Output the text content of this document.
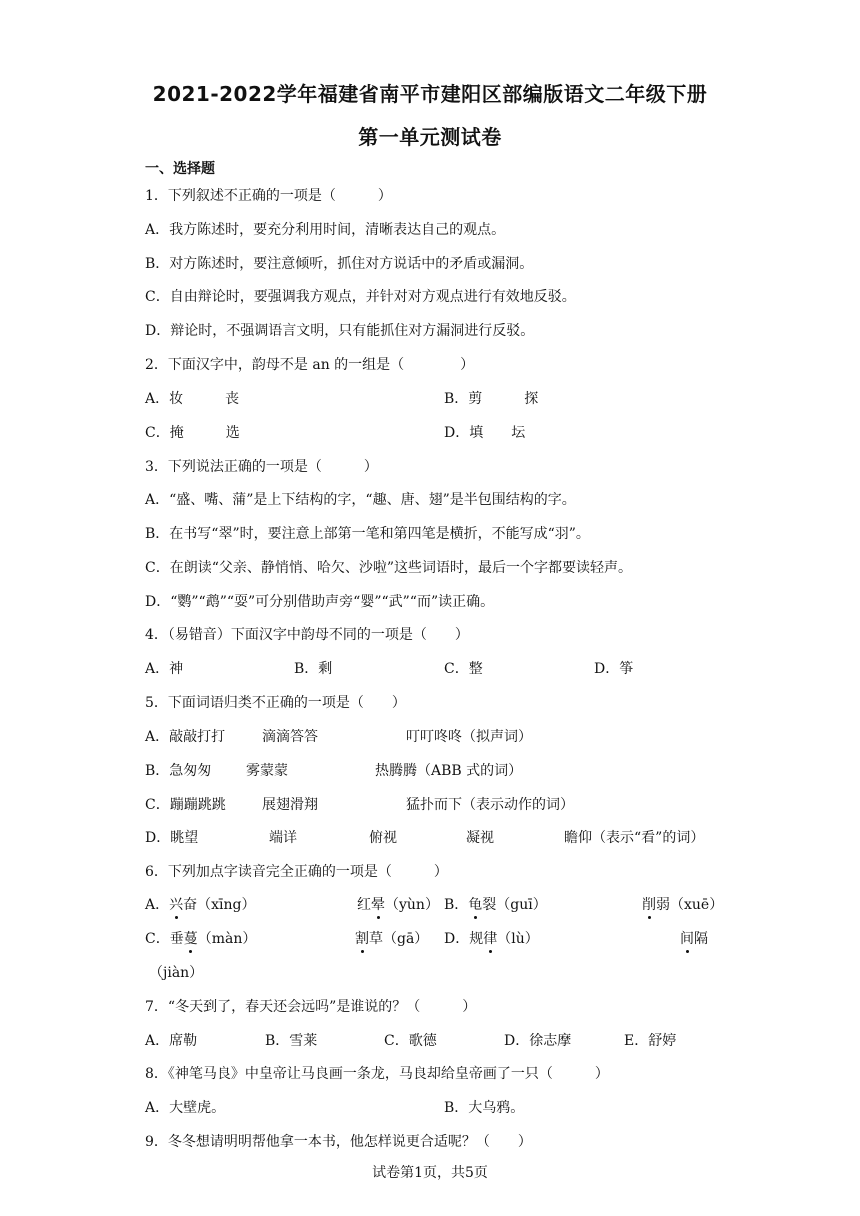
2021-2022学年福建省南平市建阳区部编版语文二年级下册
第一单元测试卷
一、选择题
1．下列叙述不正确的一项是（　　　）
A．我方陈述时，要充分利用时间，清晰表达自己的观点。
B．对方陈述时，要注意倾听，抓住对方说话中的矛盾或漏洞。
C．自由辩论时，要强调我方观点，并针对对方观点进行有效地反驳。
D．辩论时，不强调语言文明，只有能抓住对方漏洞进行反驳。
2．下面汉字中，韵母不是 an 的一组是（　　　　）
A．妆　　　丧	B．剪　　　探
C．掩　　　选	D．填　　坛
3．下列说法正确的一项是（　　　）
A．“盛、嘴、蒲”是上下结构的字，“趣、唐、翅”是半包围结构的字。
B．在书写“翠”时，要注意上部第一笔和第四笔是横折，不能写成“羽”。
C．在朗读“父亲、静悄悄、哈欠、沙啦”这些词语时，最后一个字都要读轻声。
D．“鹦”“鹉”“耍”可分别借助声旁“婴”“武”“而”读正确。
4．（易错音）下面汉字中韵母不同的一项是（　　）
A．神	B．剩	C．整	D．筝
5．下面词语归类不正确的一项是（　　）
A．敲敲打打	滴滴答答	叮叮咚咚（拟声词）
B．急匆匆 雾蒙蒙	热腾腾（ABB 式的词）
C．蹦蹦跳跳	展翅滑翔	猛扑而下（表示动作的词）
D．眺望	端详	俯视	凝视	瞻仰（表示“看”的词）
6．下列加点字读音完全正确的一项是（　　　）
A．兴奋（xīng）	红晕（yùn） B．龟裂（guī）	削弱（xuē）
C．垂蔓（màn）	割草（gā） D．规律（lù）	间隔
（jiàn）
7．“冬天到了，春天还会远吗”是谁说的？（　　　）
A．席勒	B．雪莱	C．歌德	D．徐志摩	E．舒婷
8．《神笔马良》中皇帝让马良画一条龙，马良却给皇帝画了一只（　　　）
A．大壁虎。	B．大乌鸦。
9．冬冬想请明明帮他拿一本书，他怎样说更合适呢？（　　）
试卷第1页，共5页
